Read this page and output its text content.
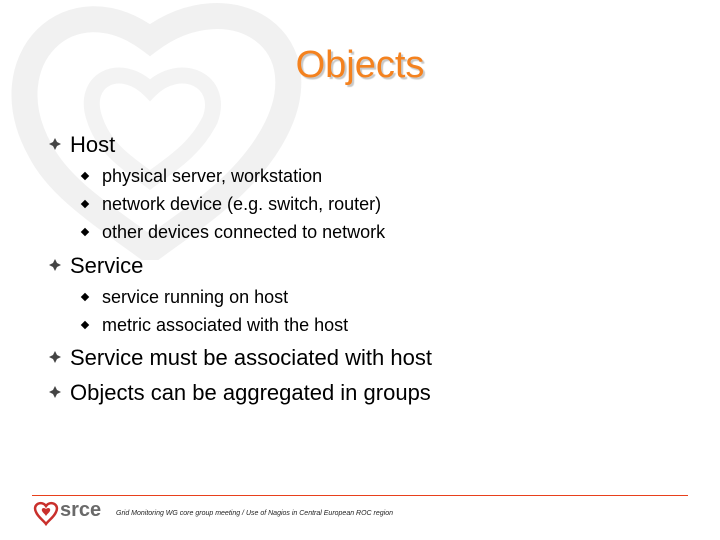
Objects
Host
physical server, workstation
network device (e.g. switch, router)
other devices connected to network
Service
service running on host
metric associated with the host
Service must be associated with host
Objects can be aggregated in groups
srce Grid Monitoring WG core group meeting / Use of Nagios in Central European ROC region
